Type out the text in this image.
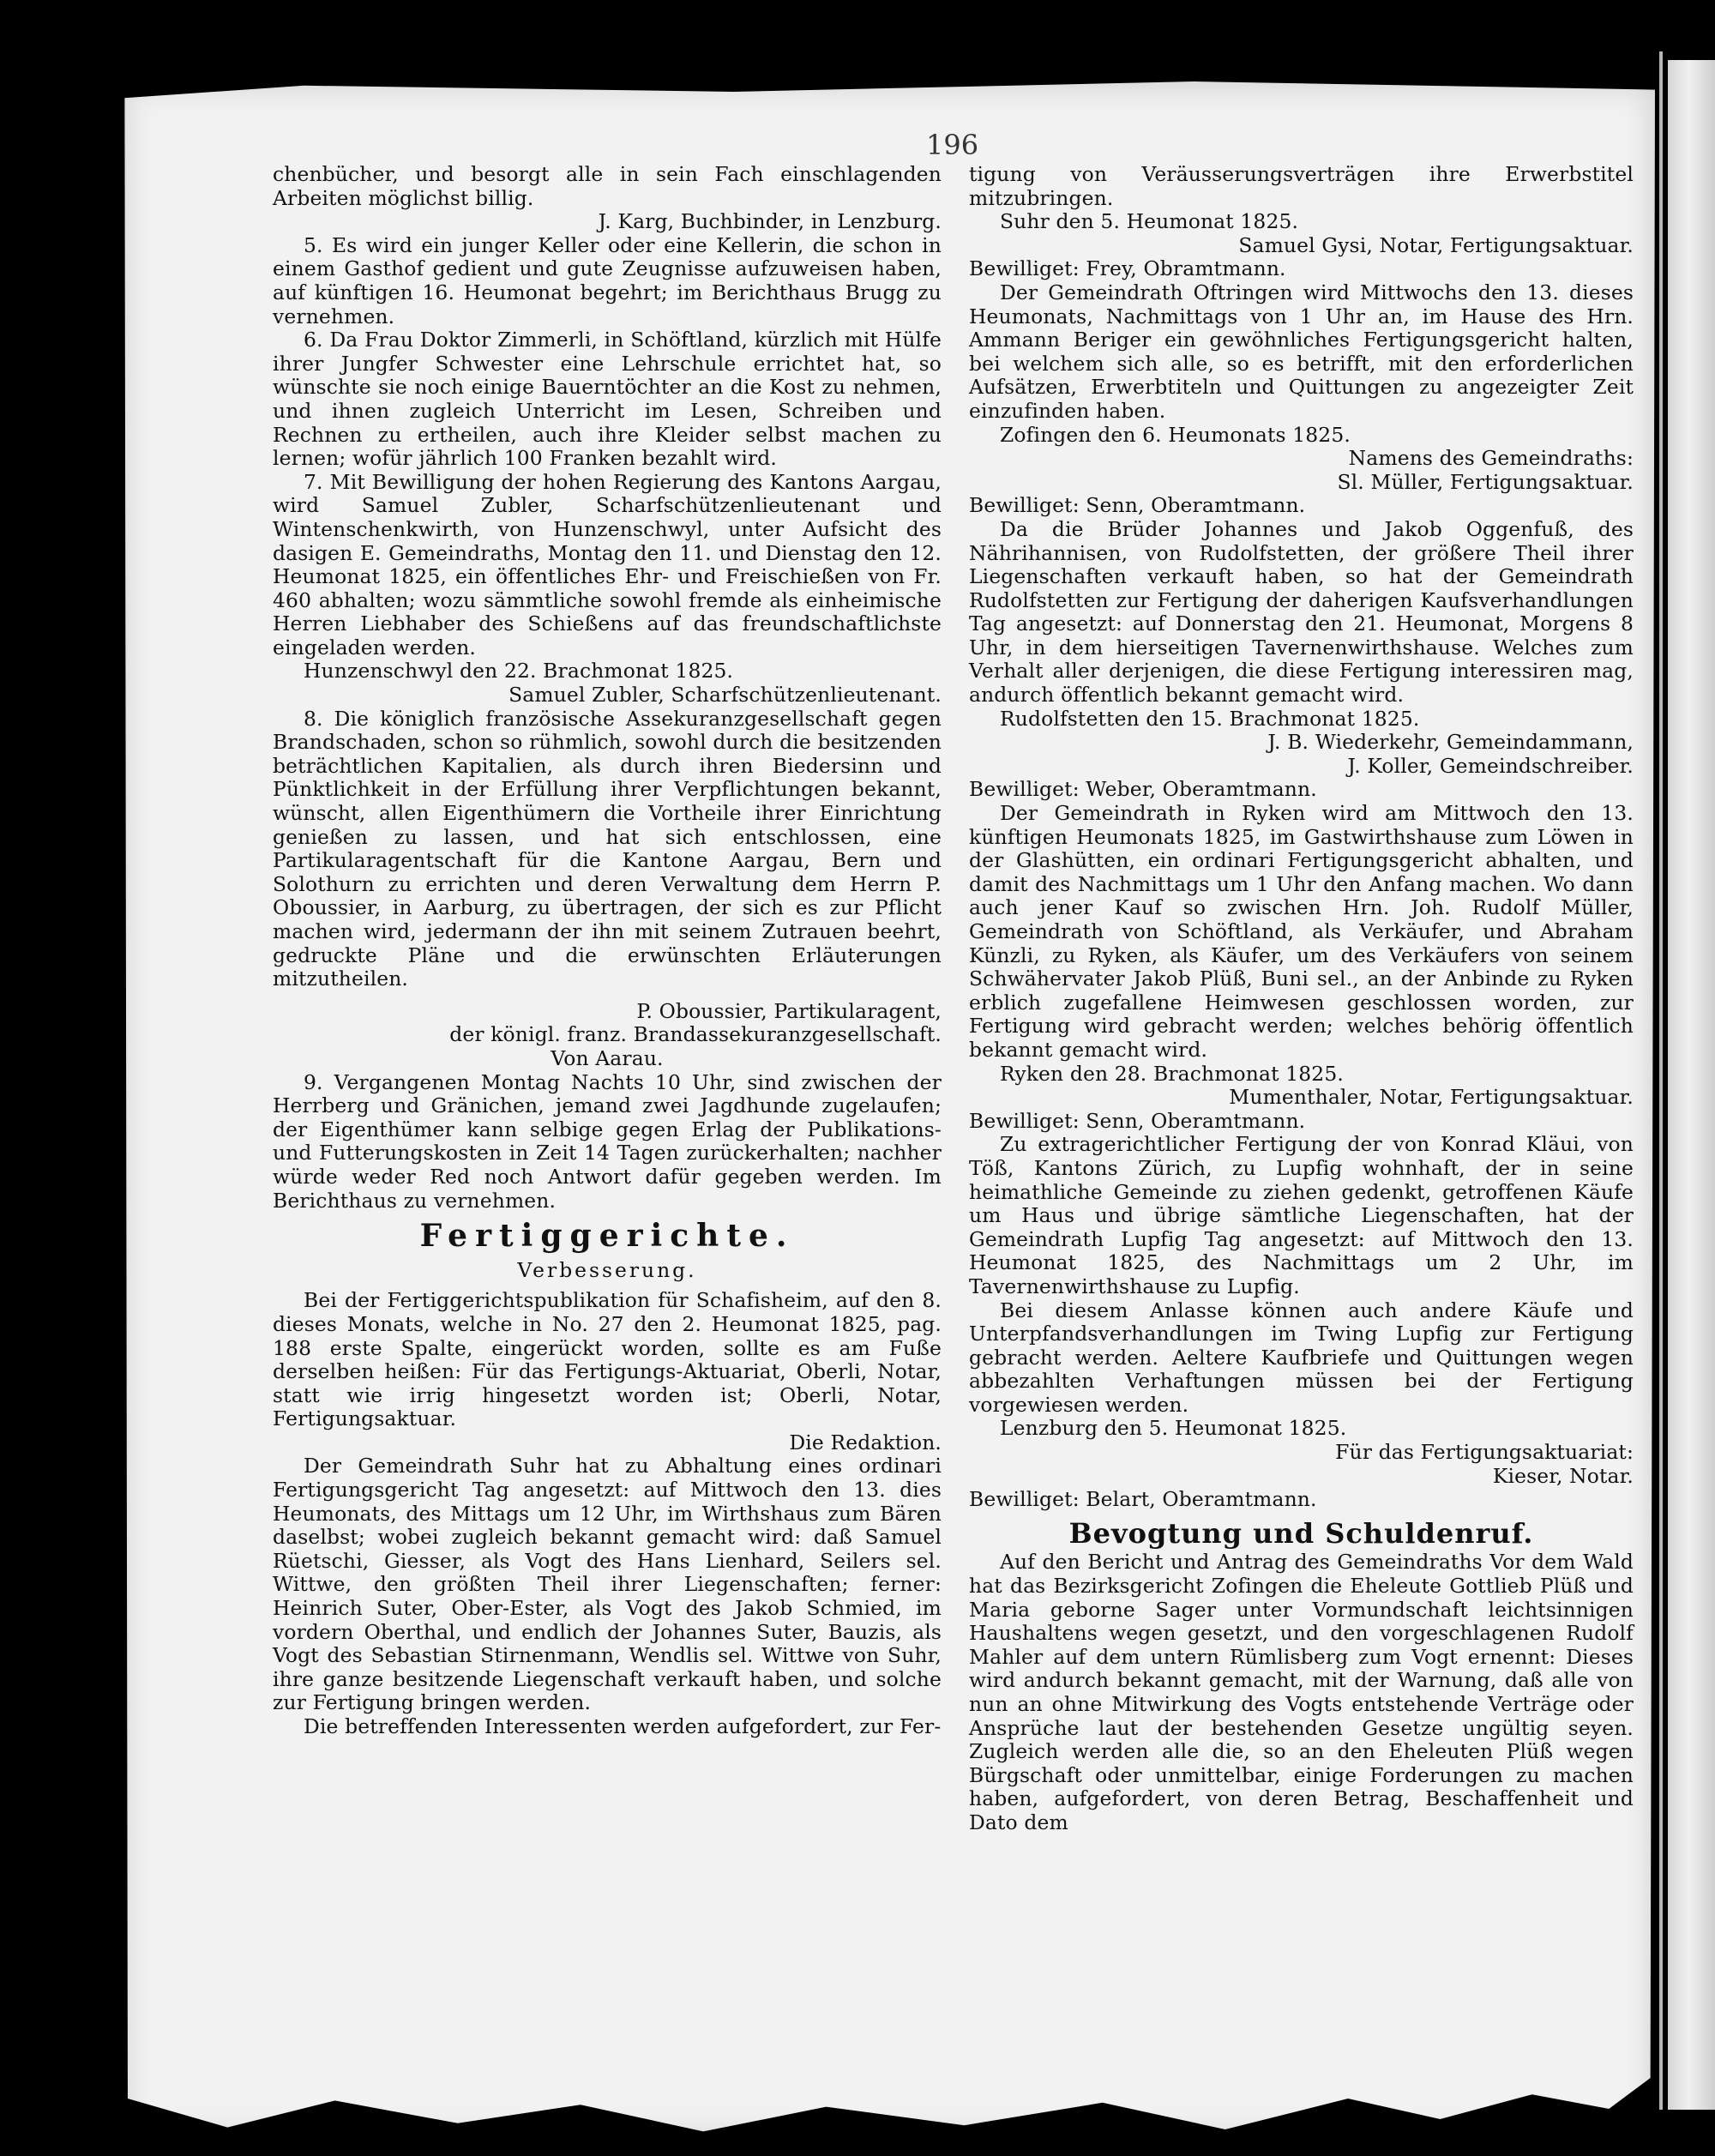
196

chenbücher, und besorgt alle in sein Fach einschlagenden Arbeiten möglichst billig.

J. Karg, Buchbinder, in Lenzburg.

5. Es wird ein junger Keller oder eine Kellerin, die schon in einem Gasthof gedient und gute Zeugnisse aufzuweisen haben, auf künftigen 16. Heumonat begehrt; im Berichthaus Brugg zu vernehmen.

6. Da Frau Doktor Zimmerli, in Schöftland, kürzlich mit Hülfe ihrer Jungfer Schwester eine Lehrschule errichtet hat, so wünschte sie noch einige Bauerntöchter an die Kost zu nehmen, und ihnen zugleich Unterricht im Lesen, Schreiben und Rechnen zu ertheilen, auch ihre Kleider selbst machen zu lernen; wofür jährlich 100 Franken bezahlt wird.

7. Mit Bewilligung der hohen Regierung des Kantons Aargau, wird Samuel Zubler, Scharfschützenlieutenant und Wintenschenkwirth, von Hunzenschwyl, unter Aufsicht des dasigen E. Gemeindraths, Montag den 11. und Dienstag den 12. Heumonat 1825, ein öffentliches Ehr- und Freischießen von Fr. 460 abhalten; wozu sämmtliche sowohl fremde als einheimische Herren Liebhaber des Schießens auf das freundschaftlichste eingeladen werden.

Hunzenschwyl den 22. Brachmonat 1825.

Samuel Zubler, Scharfschützenlieutenant.

8. Die königlich französische Assekuranzgesellschaft gegen Brandschaden, schon so rühmlich, sowohl durch die besitzenden beträchtlichen Kapitalien, als durch ihren Biedersinn und Pünktlichkeit in der Erfüllung ihrer Verpflichtungen bekannt, wünscht, allen Eigenthümern die Vortheile ihrer Einrichtung genießen zu lassen, und hat sich entschlossen, eine Partikularagentschaft für die Kantone Aargau, Bern und Solothurn zu errichten und deren Verwaltung dem Herrn P. Oboussier, in Aarburg, zu übertragen, der sich es zur Pflicht machen wird, jedermann der ihn mit seinem Zutrauen beehrt, gedruckte Pläne und die erwünschten Erläuterungen mitzutheilen.

P. Oboussier, Partikularagent,

der königl. franz. Brandassekuranzgesellschaft.

Von Aarau.

9. Vergangenen Montag Nachts 10 Uhr, sind zwischen der Herrberg und Gränichen, jemand zwei Jagdhunde zugelaufen; der Eigenthümer kann selbige gegen Erlag der Publikations- und Futterungskosten in Zeit 14 Tagen zurückerhalten; nachher würde weder Red noch Antwort dafür gegeben werden. Im Berichthaus zu vernehmen.

Fertiggerichte.

Verbesserung.

Bei der Fertiggerichtspublikation für Schafisheim, auf den 8. dieses Monats, welche in No. 27 den 2. Heumonat 1825, pag. 188 erste Spalte, eingerückt worden, sollte es am Fuße derselben heißen: Für das Fertigungs-Aktuariat, Oberli, Notar, statt wie irrig hingesetzt worden ist; Oberli, Notar, Fertigungsaktuar.

Die Redaktion.

Der Gemeindrath Suhr hat zu Abhaltung eines ordinari Fertigungsgericht Tag angesetzt: auf Mittwoch den 13. dies Heumonats, des Mittags um 12 Uhr, im Wirthshaus zum Bären daselbst; wobei zugleich bekannt gemacht wird: daß Samuel Rüetschi, Giesser, als Vogt des Hans Lienhard, Seilers sel. Wittwe, den größten Theil ihrer Liegenschaften; ferner: Heinrich Suter, Ober-Ester, als Vogt des Jakob Schmied, im vordern Oberthal, und endlich der Johannes Suter, Bauzis, als Vogt des Sebastian Stirnenmann, Wendlis sel. Wittwe von Suhr, ihre ganze besitzende Liegenschaft verkauft haben, und solche zur Fertigung bringen werden.

Die betreffenden Interessenten werden aufgefordert, zur Fer-

tigung von Veräusserungsverträgen ihre Erwerbstitel mitzubringen.

Suhr den 5. Heumonat 1825.

Samuel Gysi, Notar, Fertigungsaktuar.

Bewilliget: Frey, Obramtmann.

Der Gemeindrath Oftringen wird Mittwochs den 13. dieses Heumonats, Nachmittags von 1 Uhr an, im Hause des Hrn. Ammann Beriger ein gewöhnliches Fertigungsgericht halten, bei welchem sich alle, so es betrifft, mit den erforderlichen Aufsätzen, Erwerbtiteln und Quittungen zu angezeigter Zeit einzufinden haben.

Zofingen den 6. Heumonats 1825.

Namens des Gemeindraths:

Sl. Müller, Fertigungsaktuar.

Bewilliget: Senn, Oberamtmann.

Da die Brüder Johannes und Jakob Oggenfuß, des Nährihannisen, von Rudolfstetten, der größere Theil ihrer Liegenschaften verkauft haben, so hat der Gemeindrath Rudolfstetten zur Fertigung der daherigen Kaufsverhandlungen Tag angesetzt: auf Donnerstag den 21. Heumonat, Morgens 8 Uhr, in dem hierseitigen Tavernenwirthshause. Welches zum Verhalt aller derjenigen, die diese Fertigung interessiren mag, andurch öffentlich bekannt gemacht wird.

Rudolfstetten den 15. Brachmonat 1825.

J. B. Wiederkehr, Gemeindammann,

J. Koller, Gemeindschreiber.

Bewilliget: Weber, Oberamtmann.

Der Gemeindrath in Ryken wird am Mittwoch den 13. künftigen Heumonats 1825, im Gastwirthshause zum Löwen in der Glashütten, ein ordinari Fertigungsgericht abhalten, und damit des Nachmittags um 1 Uhr den Anfang machen. Wo dann auch jener Kauf so zwischen Hrn. Joh. Rudolf Müller, Gemeindrath von Schöftland, als Verkäufer, und Abraham Künzli, zu Ryken, als Käufer, um des Verkäufers von seinem Schwähervater Jakob Plüß, Buni sel., an der Anbinde zu Ryken erblich zugefallene Heimwesen geschlossen worden, zur Fertigung wird gebracht werden; welches behörig öffentlich bekannt gemacht wird.

Ryken den 28. Brachmonat 1825.

Mumenthaler, Notar, Fertigungsaktuar.

Bewilliget: Senn, Oberamtmann.

Zu extragerichtlicher Fertigung der von Konrad Kläui, von Töß, Kantons Zürich, zu Lupfig wohnhaft, der in seine heimathliche Gemeinde zu ziehen gedenkt, getroffenen Käufe um Haus und übrige sämtliche Liegenschaften, hat der Gemeindrath Lupfig Tag angesetzt: auf Mittwoch den 13. Heumonat 1825, des Nachmittags um 2 Uhr, im Tavernenwirthshause zu Lupfig.

Bei diesem Anlasse können auch andere Käufe und Unterpfandsverhandlungen im Twing Lupfig zur Fertigung gebracht werden. Aeltere Kaufbriefe und Quittungen wegen abbezahlten Verhaftungen müssen bei der Fertigung vorgewiesen werden.

Lenzburg den 5. Heumonat 1825.

Für das Fertigungsaktuariat:

Kieser, Notar.

Bewilliget: Belart, Oberamtmann.

Bevogtung und Schuldenruf.

Auf den Bericht und Antrag des Gemeindraths Vor dem Wald hat das Bezirksgericht Zofingen die Eheleute Gottlieb Plüß und Maria geborne Sager unter Vormundschaft leichtsinnigen Haushaltens wegen gesetzt, und den vorgeschlagenen Rudolf Mahler auf dem untern Rümlisberg zum Vogt ernennt: Dieses wird andurch bekannt gemacht, mit der Warnung, daß alle von nun an ohne Mitwirkung des Vogts entstehende Verträge oder Ansprüche laut der bestehenden Gesetze ungültig seyen. Zugleich werden alle die, so an den Eheleuten Plüß wegen Bürgschaft oder unmittelbar, einige Forderungen zu machen haben, aufgefordert, von deren Betrag, Beschaffenheit und Dato dem
